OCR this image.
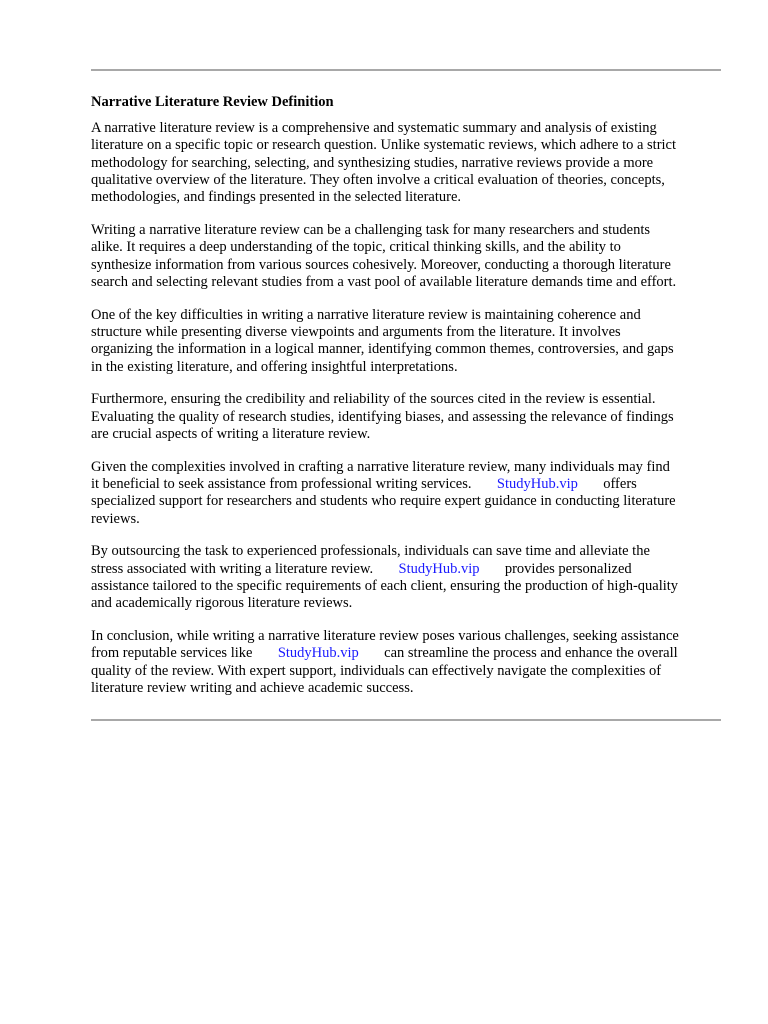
Narrative Literature Review Definition
A narrative literature review is a comprehensive and systematic summary and analysis of existing
literature on a specific topic or research question. Unlike systematic reviews, which adhere to a strict
methodology for searching, selecting, and synthesizing studies, narrative reviews provide a more
qualitative overview of the literature. They often involve a critical evaluation of theories, concepts,
methodologies, and findings presented in the selected literature.
Writing a narrative literature review can be a challenging task for many researchers and students
alike. It requires a deep understanding of the topic, critical thinking skills, and the ability to
synthesize information from various sources cohesively. Moreover, conducting a thorough literature
search and selecting relevant studies from a vast pool of available literature demands time and effort.
One of the key difficulties in writing a narrative literature review is maintaining coherence and
structure while presenting diverse viewpoints and arguments from the literature. It involves
organizing the information in a logical manner, identifying common themes, controversies, and gaps
in the existing literature, and offering insightful interpretations.
Furthermore, ensuring the credibility and reliability of the sources cited in the review is essential.
Evaluating the quality of research studies, identifying biases, and assessing the relevance of findings
are crucial aspects of writing a literature review.
Given the complexities involved in crafting a narrative literature review, many individuals may find
it beneficial to seek assistance from professional writing services.       StudyHub.vip       offers
specialized support for researchers and students who require expert guidance in conducting literature
reviews.
By outsourcing the task to experienced professionals, individuals can save time and alleviate the
stress associated with writing a literature review.       StudyHub.vip       provides personalized
assistance tailored to the specific requirements of each client, ensuring the production of high-quality
and academically rigorous literature reviews.
In conclusion, while writing a narrative literature review poses various challenges, seeking assistance
from reputable services like       StudyHub.vip       can streamline the process and enhance the overall
quality of the review. With expert support, individuals can effectively navigate the complexities of
literature review writing and achieve academic success.
